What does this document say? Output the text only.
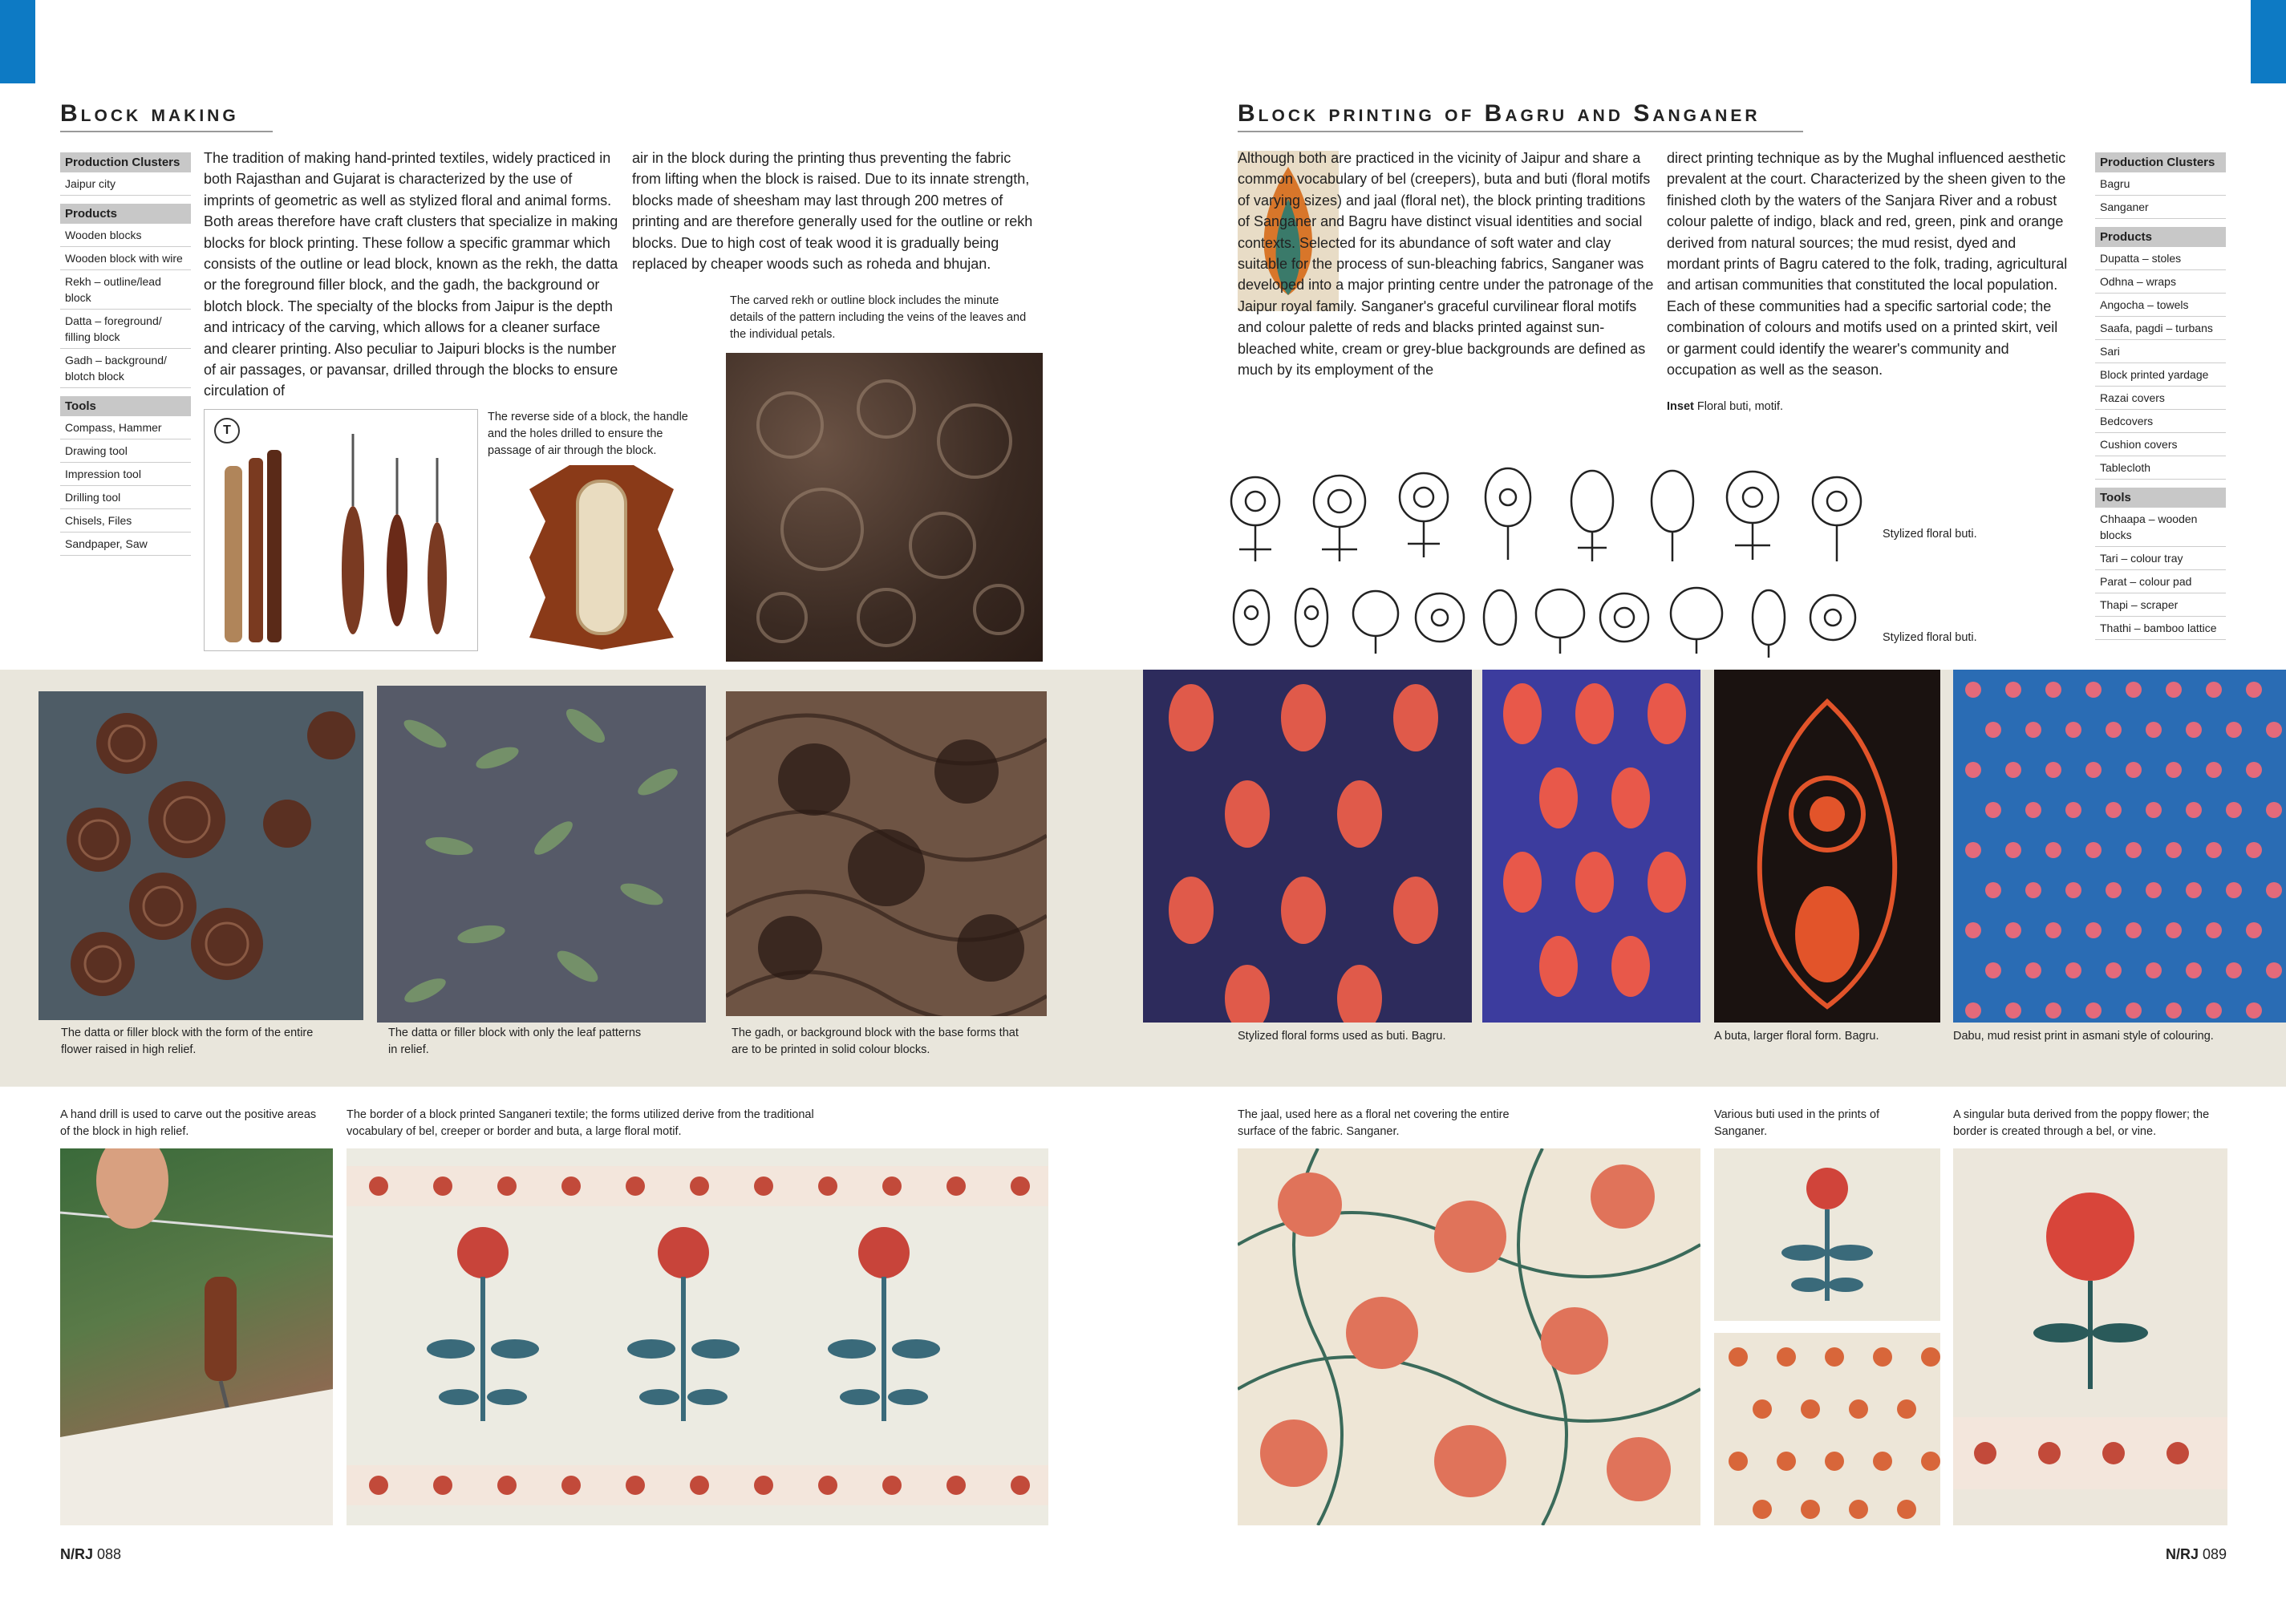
Block making
Production Clusters
Jaipur city
Products
Wooden blocks
Wooden block with wire
Rekh – outline/lead block
Datta – foreground/ filling block
Gadh – background/ blotch block
Tools
Compass, Hammer
Drawing tool
Impression tool
Drilling tool
Chisels, Files
Sandpaper, Saw

The tradition of making hand-printed textiles, widely practiced in both Rajasthan and Gujarat is characterized by the use of imprints of geometric as well as stylized floral and animal forms. Both areas therefore have craft clusters that specialize in making blocks for block printing. These follow a specific grammar which consists of the outline or lead block, known as the rekh, the datta or the foreground filler block, and the gadh, the background or blotch block. The specialty of the blocks from Jaipur is the depth and intricacy of the carving, which allows for a cleaner surface and clearer printing. Also peculiar to Jaipuri blocks is the number of air passages, or pavansar, drilled through the blocks to ensure circulation of

air in the block during the printing thus preventing the fabric from lifting when the block is raised. Due to its innate strength, blocks made of sheesham may last through 200 metres of printing and are therefore generally used for the outline or rekh blocks. Due to high cost of teak wood it is gradually being replaced by cheaper woods such as roheda and bhujan.

T
The reverse side of a block, the handle and the holes drilled to ensure the passage of air through the block.
The carved rekh or outline block includes the minute details of the pattern including the veins of the leaves and the individual petals.
The datta or filler block with the form of the entire flower raised in high relief.
The datta or filler block with only the leaf patterns in relief.
The gadh, or background block with the base forms that are to be printed in solid colour blocks.
A hand drill is used to carve out the positive areas of the block in high relief.
The border of a block printed Sanganeri textile; the forms utilized derive from the traditional vocabulary of bel, creeper or border and buta, a large floral motif.
N/RJ 088
Block printing of Bagru and Sanganer

Although both are practiced in the vicinity of Jaipur and share a common vocabulary of bel (creepers), buta and buti (floral motifs of varying sizes) and jaal (floral net), the block printing traditions of Sanganer and Bagru have distinct visual identities and social contexts. Selected for its abundance of soft water and clay suitable for the process of sun-bleaching fabrics, Sanganer was developed into a major printing centre under the patronage of the Jaipur royal family. Sanganer's graceful curvilinear floral motifs and colour palette of reds and blacks printed against sun-bleached white, cream or grey-blue backgrounds are defined as much by its employment of the

direct printing technique as by the Mughal influenced aesthetic prevalent at the court. Characterized by the sheen given to the finished cloth by the waters of the Sanjara River and a robust colour palette of indigo, black and red, green, pink and orange derived from natural sources; the mud resist, dyed and mordant prints of Bagru catered to the folk, trading, agricultural and artisan communities that constituted the local population. Each of these communities had a specific sartorial code; the combination of colours and motifs used on a printed skirt, veil or garment could identify the wearer's community and occupation as well as the season.

Inset Floral buti, motif.
Production Clusters
Bagru
Sanganer
Products
Dupatta – stoles
Odhna – wraps
Angocha – towels
Saafa, pagdi – turbans
Sari
Block printed yardage
Razai covers
Bedcovers
Cushion covers
Tablecloth
Tools
Chhaapa – wooden blocks
Tari – colour tray
Parat – colour pad
Thapi – scraper
Thathi – bamboo lattice
Stylized floral buti.
Stylized floral buti.
Stylized floral forms used as buti. Bagru.	A buta, larger floral form. Bagru.	Dabu, mud resist print in asmani style of colouring.
The jaal, used here as a floral net covering the entire surface of the fabric. Sanganer.
Various buti used in the prints of Sanganer.
A singular buta derived from the poppy flower; the border is created through a bel, or vine.
N/RJ 089
